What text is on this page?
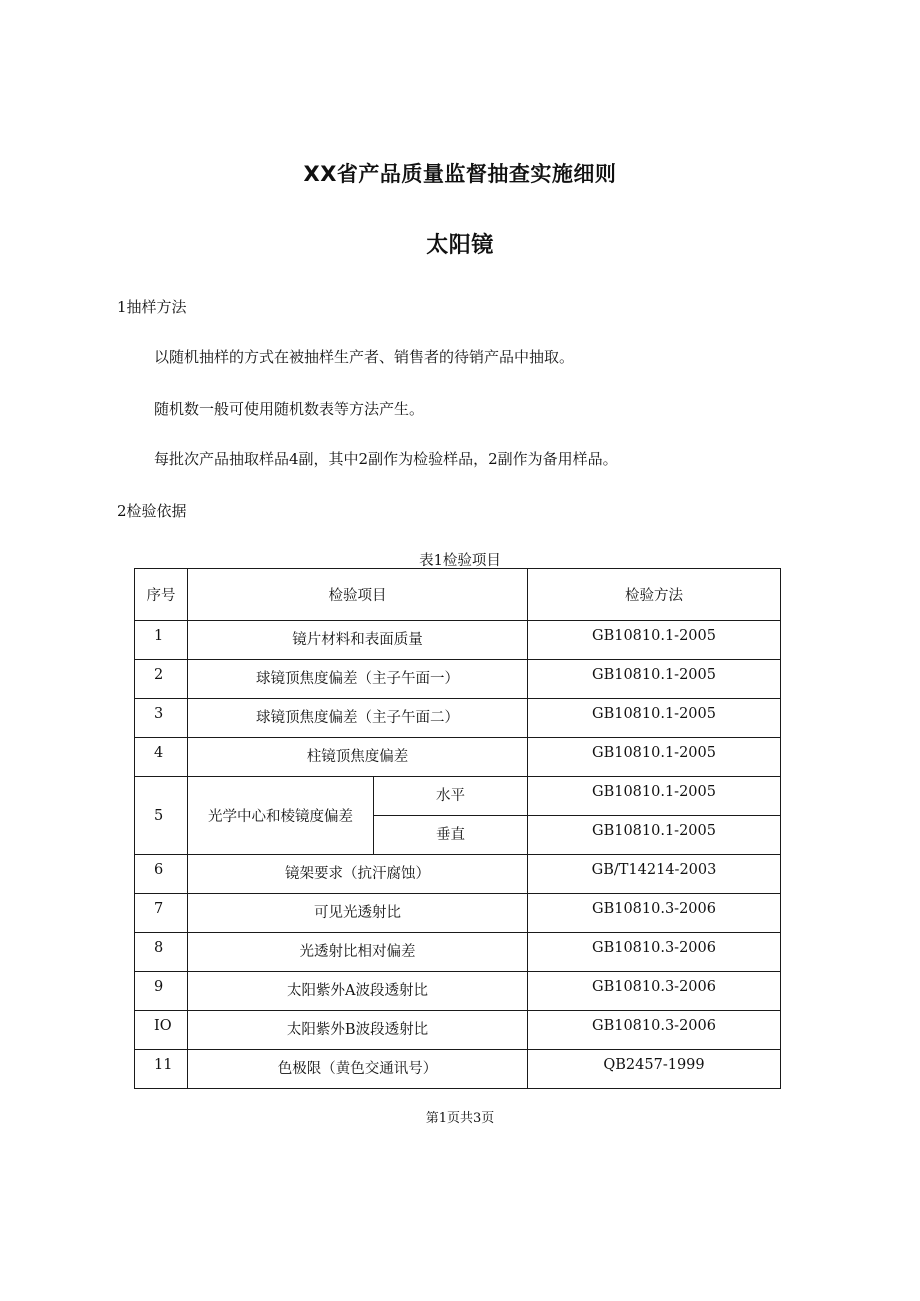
XX省产品质量监督抽查实施细则
太阳镜
1抽样方法
以随机抽样的方式在被抽样生产者、销售者的待销产品中抽取。
随机数一般可使用随机数表等方法产生。
每批次产品抽取样品4副，其中2副作为检验样品，2副作为备用样品。
2检验依据
表1检验项目
序号	检验项目		检验方法
1	镜片材料和表面质量		GB10810.1-2005
2	球镜顶焦度偏差（主子午面一）		GB10810.1-2005
3	球镜顶焦度偏差（主子午面二）		GB10810.1-2005
4	柱镜顶焦度偏差		GB10810.1-2005
5	光学中心和棱镜度偏差	水平	GB10810.1-2005
		垂直	GB10810.1-2005
6	镜架要求（抗汗腐蚀）		GB/T14214-2003
7	可见光透射比		GB10810.3-2006
8	光透射比相对偏差		GB10810.3-2006
9	太阳紫外A波段透射比		GB10810.3-2006
IO	太阳紫外B波段透射比		GB10810.3-2006
11	色极限（黄色交通讯号）		QB2457-1999
第1页共3页
